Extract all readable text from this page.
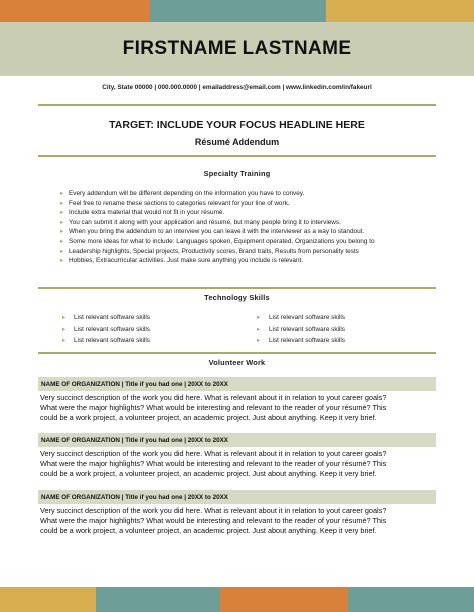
FIRSTNAME LASTNAME
City, State 00000 | 000.000.0000 | emailaddress@email.com | www.linkedin.com/in/fakeurl
TARGET: INCLUDE YOUR FOCUS HEADLINE HERE
Résumé Addendum
Specialty Training
▸ Every addendum will be different depending on the information you have to convey.
▸ Feel free to rename these sections to categories relevant for your line of work.
▸ Include extra material that would not fit in your résumé.
▸ You can submit it along with your application and résumé, but many people bring it to interviews.
▸ When you bring the addendum to an interview you can leave it with the interviewer as a way to standout.
▸ Some more ideas for what to include: Languages spoken, Equipment operated, Organizations you belong to
▸ Leadership highlights, Special projects, Productivity scores, Brand traits, Results from personality tests
▸ Hobbies, Extracurricular activities. Just make sure anything you include is relevant.
Technology Skills
▸	List relevant software skills	▸	List relevant software skills
▸	List relevant software skills	▸	List relevant software skills
▸	List relevant software skills	▸	List relevant software skills
Volunteer Work
NAME OF ORGANIZATION | Title if you had one | 20XX to 20XX
Very succinct description of the work you did here. What is relevant about it in relation to yout career goals?
What were the major highlights? What would be interesting and relevant to the reader of your résumé? This
could be a work project, a volunteer project, an academic project. Just about anything. Keep it very brief.
NAME OF ORGANIZATION | Title if you had one | 20XX to 20XX
Very succinct description of the work you did here. What is relevant about it in relation to yout career goals?
What were the major highlights? What would be interesting and relevant to the reader of your résumé? This
could be a work project, a volunteer project, an academic project. Just about anything. Keep it very brief.
NAME OF ORGANIZATION | Title if you had one | 20XX to 20XX
Very succinct description of the work you did here. What is relevant about it in relation to yout career goals?
What were the major highlights? What would be interesting and relevant to the reader of your résumé? This
could be a work project, a volunteer project, an academic project. Just about anything. Keep it very brief.
